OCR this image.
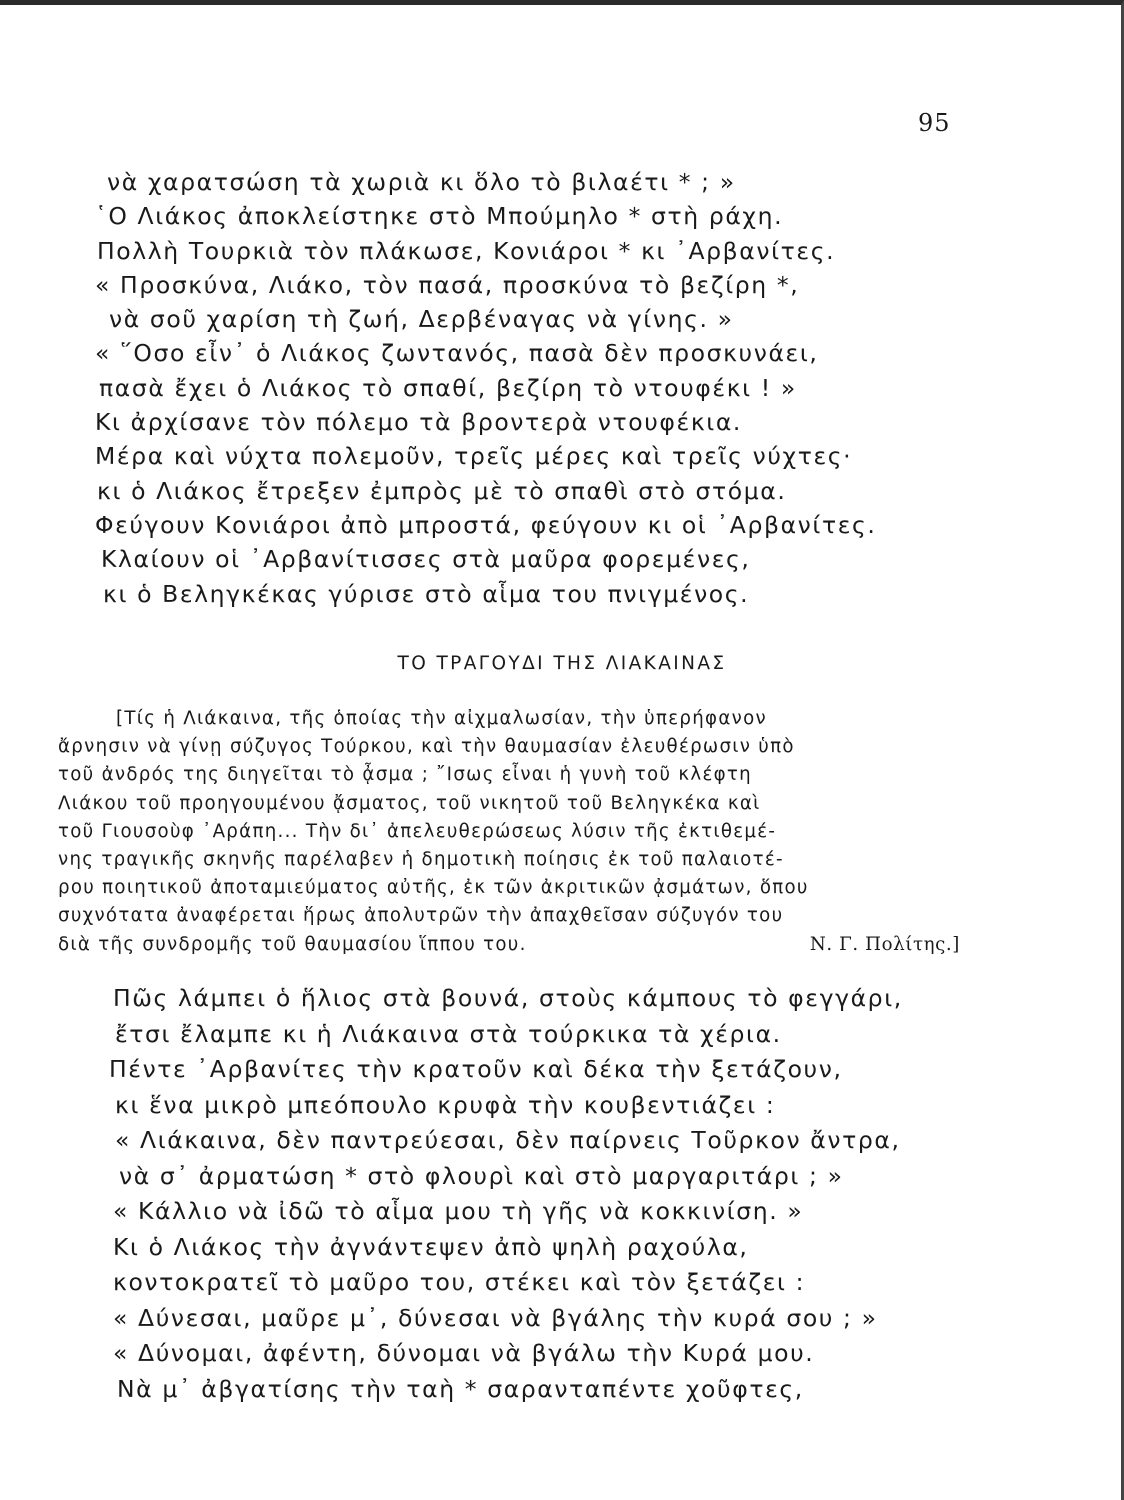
95
νὰ χαρατσώση τὰ χωριὰ κι ὅλο τὸ βιλαέτι * ; »
῾Ο Λιάκος ἀποκλείστηκε στὸ Μπούμηλο * στὴ ράχη.
Πολλὴ Τουρκιὰ τὸν πλάκωσε, Κονιάροι * κι ᾿Αρβανίτες.
« Προσκύνα, Λιάκο, τὸν πασά, προσκύνα τὸ βεζίρη *,
νὰ σοῦ χαρίση τὴ ζωή, Δερβέναγας νὰ γίνης. »
« ῞Οσο εἶν᾿ ὁ Λιάκος ζωντανός, πασὰ δὲν προσκυνάει,
πασὰ ἔχει ὁ Λιάκος τὸ σπαθί, βεζίρη τὸ ντουφέκι ! »
Κι ἀρχίσανε τὸν πόλεμο τὰ βροντερὰ ντουφέκια.
Μέρα καὶ νύχτα πολεμοῦν, τρεῖς μέρες καὶ τρεῖς νύχτες·
κι ὁ Λιάκος ἔτρεξεν ἐμπρὸς μὲ τὸ σπαθὶ στὸ στόμα.
Φεύγουν Κονιάροι ἀπὸ μπροστά, φεύγουν κι οἱ ᾿Αρβανίτες.
Κλαίουν οἱ ᾿Αρβανίτισσες στὰ μαῦρα φορεμένες,
κι ὁ Βεληγκέκας γύρισε στὸ αἷμα του πνιγμένος.
ΤΟ ΤΡΑΓΟΥΔΙ ΤΗΣ ΛΙΑΚΑΙΝΑΣ
[Τίς ἡ Λιάκαινα, τῆς ὁποίας τὴν αἰχμαλωσίαν, τὴν ὑπερήφανον
ἄρνησιν νὰ γίνῃ σύζυγος Τούρκου, καὶ τὴν θαυμασίαν ἐλευθέρωσιν ὑπὸ
τοῦ ἀνδρός της διηγεῖται τὸ ᾆσμα ; ῎Ισως εἶναι ἡ γυνὴ τοῦ κλέφτη
Λιάκου τοῦ προηγουμένου ᾄσματος, τοῦ νικητοῦ τοῦ Βεληγκέκα καὶ
τοῦ Γιουσοὺφ ᾿Αράπη... Τὴν δι᾿ ἀπελευθερώσεως λύσιν τῆς ἐκτιθεμέ-
νης τραγικῆς σκηνῆς παρέλαβεν ἡ δημοτικὴ ποίησις ἐκ τοῦ παλαιοτέ-
ρου ποιητικοῦ ἀποταμιεύματος αὐτῆς, ἐκ τῶν ἀκριτικῶν ᾀσμάτων, ὅπου
συχνότατα ἀναφέρεται ἥρως ἀπολυτρῶν τὴν ἀπαχθεῖσαν σύζυγόν του
διὰ τῆς συνδρομῆς τοῦ θαυμασίου ἵππου του.	Ν. Γ. Πολίτης.]
Πῶς λάμπει ὁ ἥλιος στὰ βουνά, στοὺς κάμπους τὸ φεγγάρι,
ἔτσι ἔλαμπε κι ἡ Λιάκαινα στὰ τούρκικα τὰ χέρια.
Πέντε ᾿Αρβανίτες τὴν κρατοῦν καὶ δέκα τὴν ξετάζουν,
κι ἕνα μικρὸ μπεόπουλο κρυφὰ τὴν κουβεντιάζει :
« Λιάκαινα, δὲν παντρεύεσαι, δὲν παίρνεις Τοῦρκον ἄντρα,
νὰ σ᾿ ἀρματώση * στὸ φλουρὶ καὶ στὸ μαργαριτάρι ; »
« Κάλλιο νὰ ἰδῶ τὸ αἷμα μου τὴ γῆς νὰ κοκκινίση. »
Κι ὁ Λιάκος τὴν ἀγνάντεψεν ἀπὸ ψηλὴ ραχούλα,
κοντοκρατεῖ τὸ μαῦρο του, στέκει καὶ τὸν ξετάζει :
« Δύνεσαι, μαῦρε μ᾿, δύνεσαι νὰ βγάλης τὴν κυρά σου ; »
« Δύνομαι, ἀφέντη, δύνομαι νὰ βγάλω τὴν Κυρά μου.
Νὰ μ᾿ ἀβγατίσης τὴν ταὴ * σαρανταπέντε χοῦφτες,
